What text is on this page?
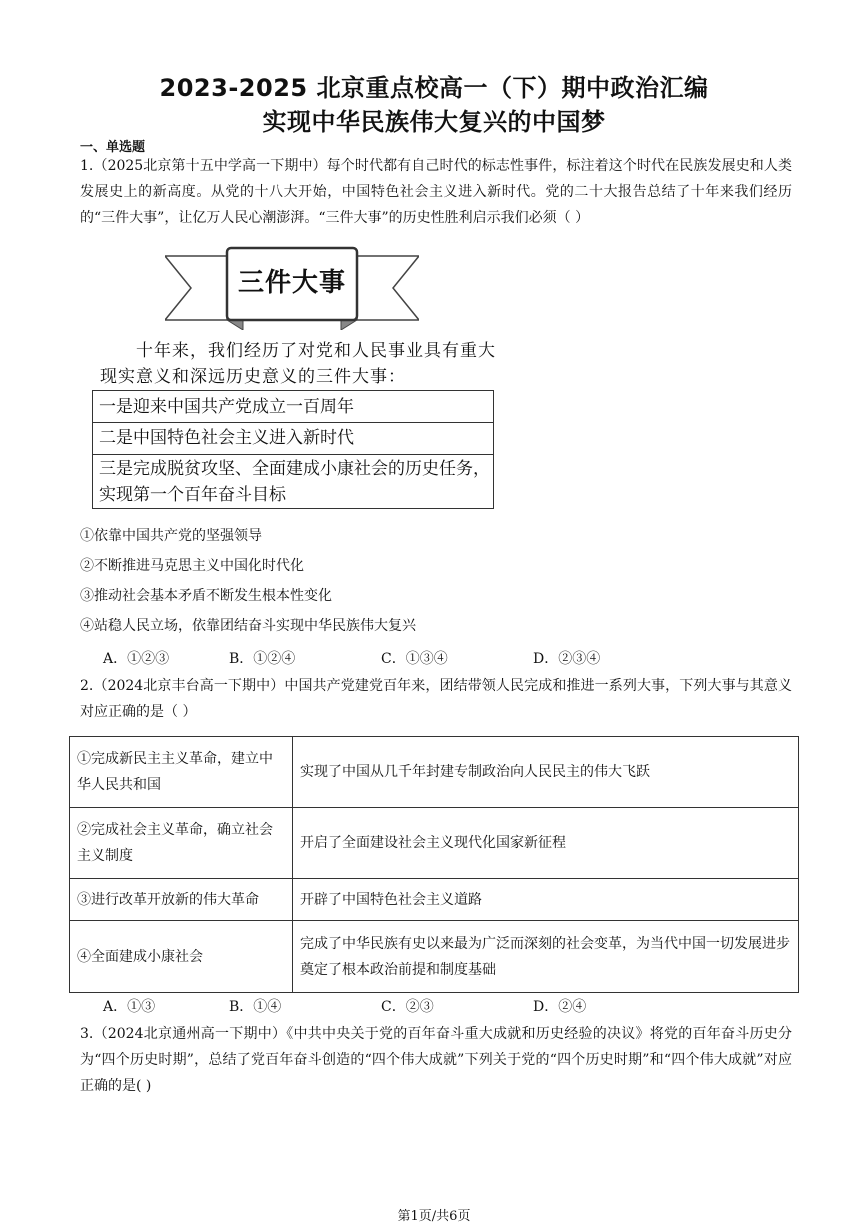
2023-2025 北京重点校高一（下）期中政治汇编
实现中华民族伟大复兴的中国梦
一、单选题
1.（2025北京第十五中学高一下期中）每个时代都有自己时代的标志性事件，标注着这个时代在民族发展史和人类发展史上的新高度。从党的十八大开始，中国特色社会主义进入新时代。党的二十大报告总结了十年来我们经历的“三件大事”，让亿万人民心潮澎湃。“三件大事”的历史性胜利启示我们必须（ ）
三件大事
十年来，我们经历了对党和人民事业具有重大现实意义和深远历史意义的三件大事：
一是迎来中国共产党成立一百周年
二是中国特色社会主义进入新时代
三是完成脱贫攻坚、全面建成小康社会的历史任务，实现第一个百年奋斗目标
①依靠中国共产党的坚强领导
②不断推进马克思主义中国化时代化
③推动社会基本矛盾不断发生根本性变化
④站稳人民立场，依靠团结奋斗实现中华民族伟大复兴
A．①②③	B．①②④	C．①③④	D．②③④
2.（2024北京丰台高一下期中）中国共产党建党百年来，团结带领人民完成和推进一系列大事，下列大事与其意义对应正确的是（ ）
①完成新民主主义革命，建立中华人民共和国	实现了中国从几千年封建专制政治向人民民主的伟大飞跃
②完成社会主义革命，确立社会主义制度	开启了全面建设社会主义现代化国家新征程
③进行改革开放新的伟大革命	开辟了中国特色社会主义道路
④全面建成小康社会	完成了中华民族有史以来最为广泛而深刻的社会变革，为当代中国一切发展进步奠定了根本政治前提和制度基础
A．①③	B．①④	C．②③	D．②④
3.（2024北京通州高一下期中）《中共中央关于党的百年奋斗重大成就和历史经验的决议》将党的百年奋斗历史分为“四个历史时期”，总结了党百年奋斗创造的“四个伟大成就”下列关于党的“四个历史时期”和“四个伟大成就”对应正确的是( )
第1页/共6页
